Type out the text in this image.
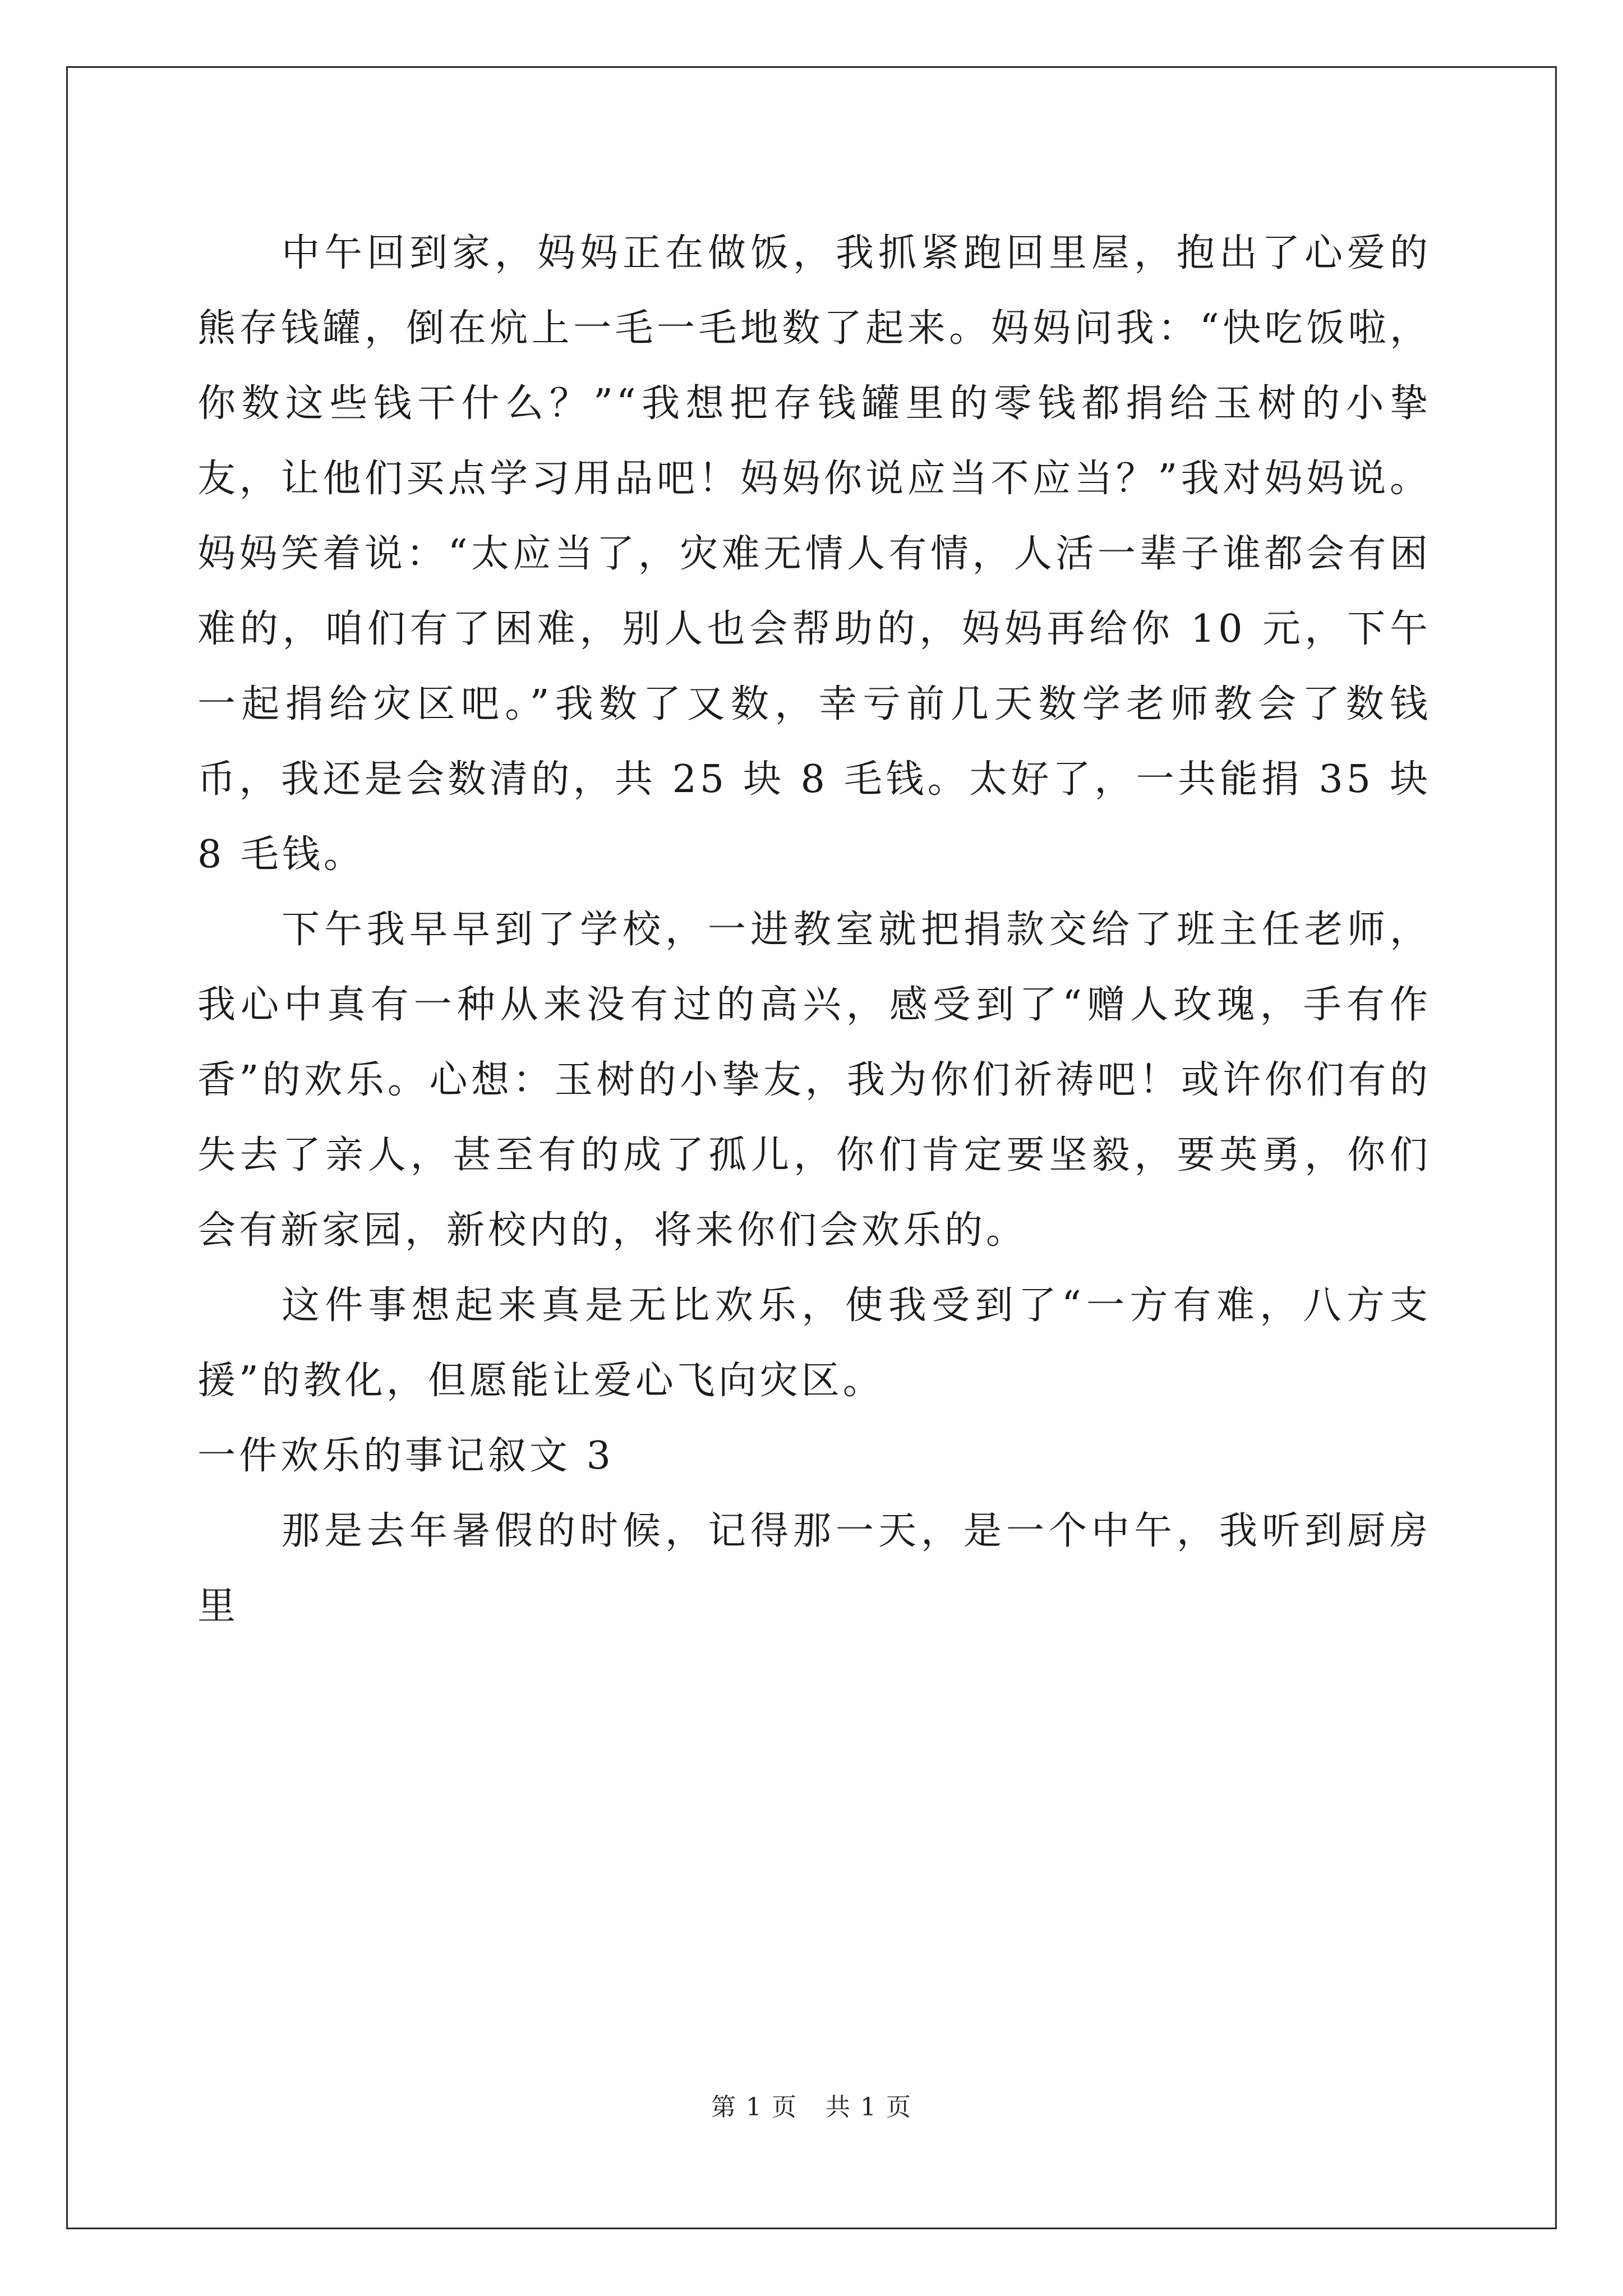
中午回到家，妈妈正在做饭，我抓紧跑回里屋，抱出了心爱的熊存钱罐，倒在炕上一毛一毛地数了起来。妈妈问我：“快吃饭啦，你数这些钱干什么？”“我想把存钱罐里的零钱都捐给玉树的小挚友，让他们买点学习用品吧！妈妈你说应当不应当？”我对妈妈说。妈妈笑着说：“太应当了，灾难无情人有情，人活一辈子谁都会有困难的，咱们有了困难，别人也会帮助的，妈妈再给你 10 元，下午一起捐给灾区吧。”我数了又数，幸亏前几天数学老师教会了数钱币，我还是会数清的，共 25 块 8 毛钱。太好了，一共能捐 35 块 8 毛钱。

下午我早早到了学校，一进教室就把捐款交给了班主任老师，我心中真有一种从来没有过的高兴，感受到了“赠人玫瑰，手有作香”的欢乐。心想：玉树的小挚友，我为你们祈祷吧！或许你们有的失去了亲人，甚至有的成了孤儿，你们肯定要坚毅，要英勇，你们会有新家园，新校内的，将来你们会欢乐的。

这件事想起来真是无比欢乐，使我受到了“一方有难，八方支援”的教化，但愿能让爱心飞向灾区。

一件欢乐的事记叙文 3

那是去年暑假的时候，记得那一天，是一个中午，我听到厨房里

第 1 页 共 1 页
